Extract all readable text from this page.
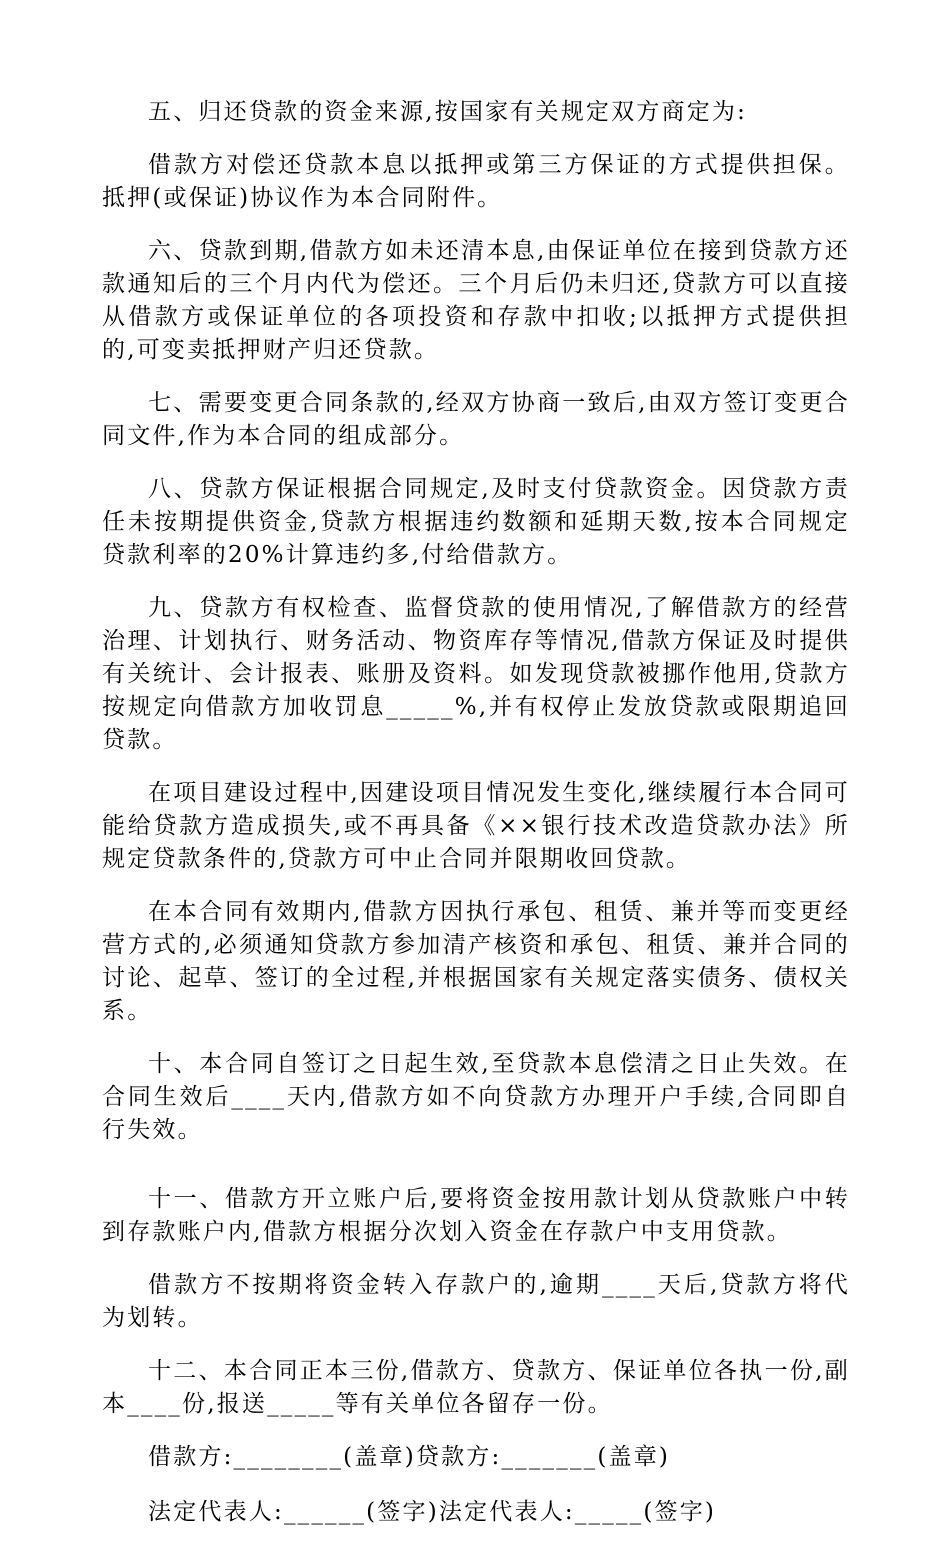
五、归还贷款的资金来源,按国家有关规定双方商定为:

借款方对偿还贷款本息以抵押或第三方保证的方式提供担保。抵押(或保证)协议作为本合同附件。

六、贷款到期,借款方如未还清本息,由保证单位在接到贷款方还款通知后的三个月内代为偿还。三个月后仍未归还,贷款方可以直接从借款方或保证单位的各项投资和存款中扣收;以抵押方式提供担的,可变卖抵押财产归还贷款。

七、需要变更合同条款的,经双方协商一致后,由双方签订变更合同文件,作为本合同的组成部分。

八、贷款方保证根据合同规定,及时支付贷款资金。因贷款方责任未按期提供资金,贷款方根据违约数额和延期天数,按本合同规定贷款利率的20%计算违约多,付给借款方。

九、贷款方有权检查、监督贷款的使用情况,了解借款方的经营治理、计划执行、财务活动、物资库存等情况,借款方保证及时提供有关统计、会计报表、账册及资料。如发现贷款被挪作他用,贷款方按规定向借款方加收罚息_____%,并有权停止发放贷款或限期追回贷款。

在项目建设过程中,因建设项目情况发生变化,继续履行本合同可能给贷款方造成损失,或不再具备《××银行技术改造贷款办法》所规定贷款条件的,贷款方可中止合同并限期收回贷款。

在本合同有效期内,借款方因执行承包、租赁、兼并等而变更经营方式的,必须通知贷款方参加清产核资和承包、租赁、兼并合同的讨论、起草、签订的全过程,并根据国家有关规定落实债务、债权关系。

十、本合同自签订之日起生效,至贷款本息偿清之日止失效。在合同生效后____天内,借款方如不向贷款方办理开户手续,合同即自行失效。

十一、借款方开立账户后,要将资金按用款计划从贷款账户中转到存款账户内,借款方根据分次划入资金在存款户中支用贷款。

借款方不按期将资金转入存款户的,逾期____天后,贷款方将代为划转。

十二、本合同正本三份,借款方、贷款方、保证单位各执一份,副本____份,报送_____等有关单位各留存一份。

借款方:________(盖章)贷款方:_______(盖章)

法定代表人:______(签字)法定代表人:_____(签字)
